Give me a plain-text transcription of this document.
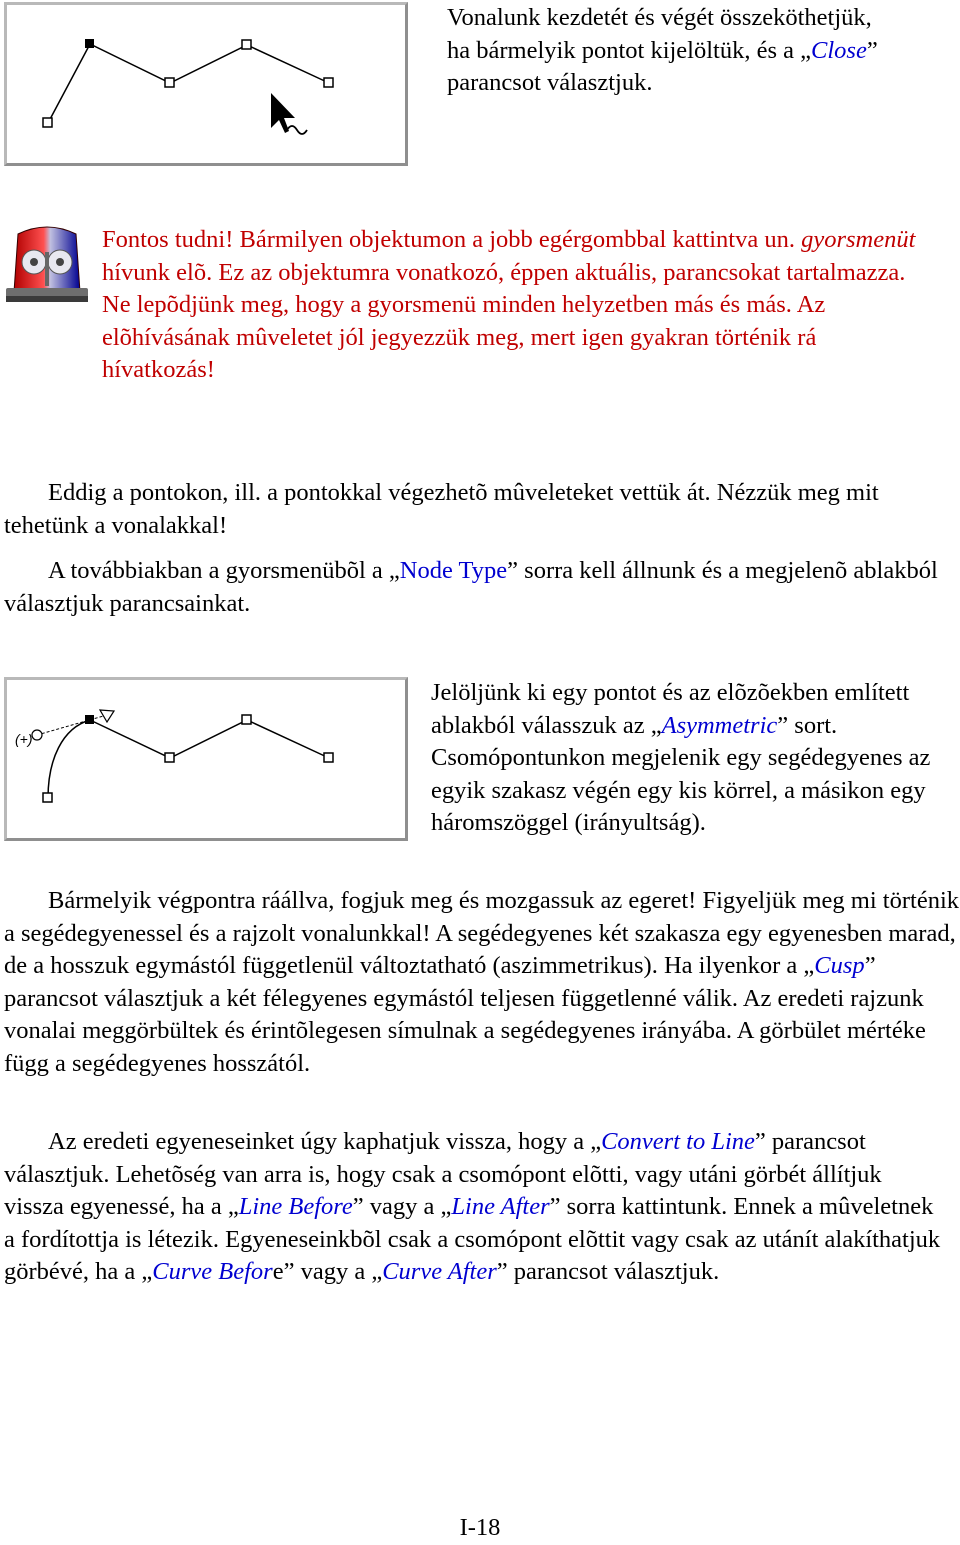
Vonalunk kezdetét és végét összeköthetjük, ha bármelyik pontot kijelöltük, és a „Close” parancsot választjuk.

Fontos tudni! Bármilyen objektumon a jobb egérgombbal kattintva un. gyorsmenüt hívunk elõ. Ez az objektumra vonatkozó, éppen aktuális, parancsokat tartalmazza. Ne lepõdjünk meg, hogy a gyorsmenü minden helyzetben más és más. Az elõhívásának mûveletet jól jegyezzük meg, mert igen gyakran történik rá hívatkozás!

Eddig a pontokon, ill. a pontokkal végezhetõ mûveleteket vettük át. Nézzük meg mit tehetünk a vonalakkal!

A továbbiakban a gyorsmenübõl a „Node Type” sorra kell állnunk és a megjelenõ ablakból választjuk parancsainkat.

(+)

Jelöljünk ki egy pontot és az elõzõekben említett ablakból válasszuk az „Asymmetric” sort. Csomópontunkon megjelenik egy segédegyenes az egyik szakasz végén egy kis körrel, a másikon egy háromszöggel (irányultság).

Bármelyik végpontra ráállva, fogjuk meg és mozgassuk az egeret! Figyeljük meg mi történik a segédegyenessel és a rajzolt vonalunkkal! A segédegyenes két szakasza egy egyenesben marad, de a hosszuk egymástól függetlenül változtatható (aszimmetrikus). Ha ilyenkor a „Cusp” parancsot választjuk a két félegyenes egymástól teljesen függetlenné válik. Az eredeti rajzunk vonalai meggörbültek és érintõlegesen símulnak a segédegyenes irányába. A görbület mértéke függ a segédegyenes hosszától.

Az eredeti egyeneseinket úgy kaphatjuk vissza, hogy a „Convert to Line” parancsot választjuk. Lehetõség van arra is, hogy csak a csomópont elõtti, vagy utáni görbét állítjuk vissza egyenessé, ha a „Line Before” vagy a „Line After” sorra kattintunk. Ennek a mûveletnek a fordítottja is létezik. Egyeneseinkbõl csak a csomópont elõttit vagy csak az utánít alakíthatjuk görbévé, ha a „Curve Before” vagy a „Curve After” parancsot választjuk.

I-18
